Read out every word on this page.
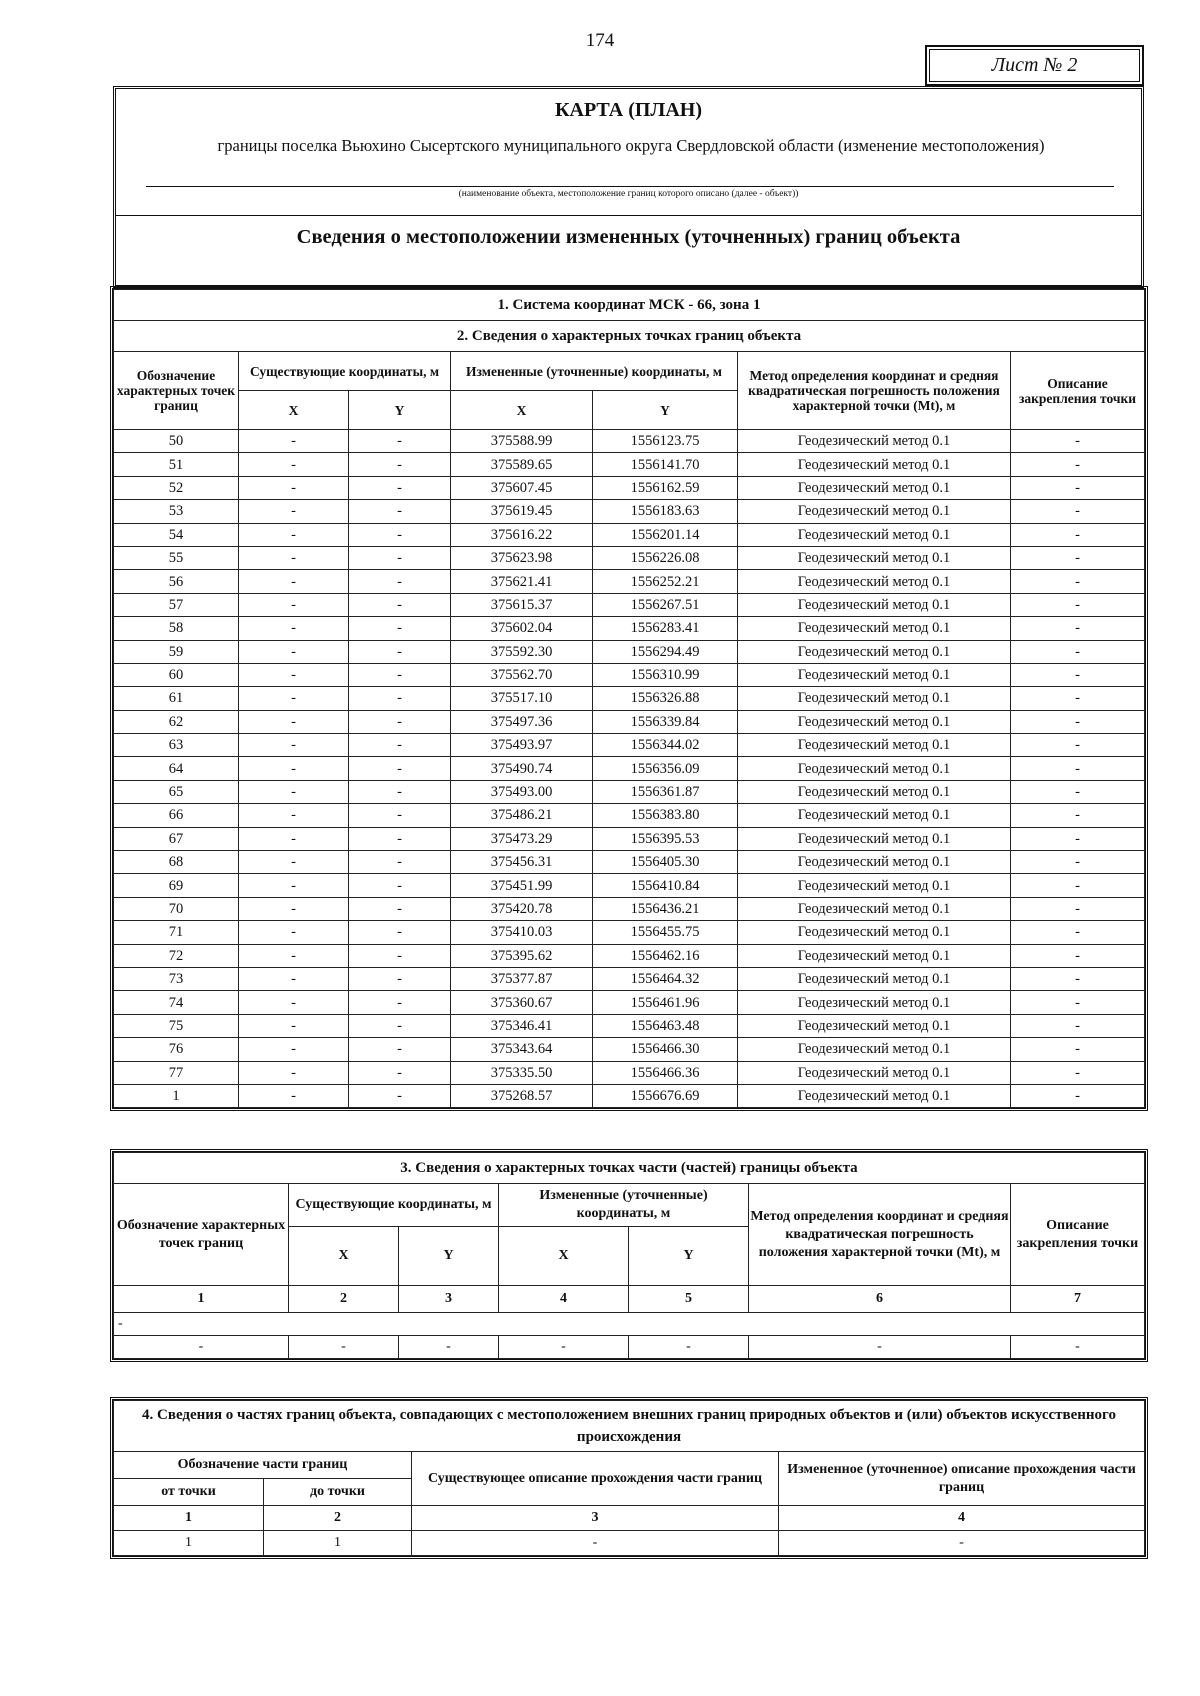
174
Лист № 2
КАРТА (ПЛАН)
границы поселка Вьюхино Сысертского муниципального округа Свердловской области (изменение местоположения)
(наименование объекта, местоположение границ которого описано (далее - объект))
Сведения о местоположении измененных (уточненных) границ объекта
1. Система координат МСК - 66, зона 1						
2. Сведения о характерных точках границ объекта						
Обозначение характерных точек границ	Существующие координаты, м		Измененные (уточненные) координаты, м		Метод определения координат и средняя квадратическая погрешность положения характерной точки (Mt), м	Описание закрепления точки
	X	Y	X	Y		
50	-	-	375588.99	1556123.75	Геодезический метод 0.1	-
51	-	-	375589.65	1556141.70	Геодезический метод 0.1	-
52	-	-	375607.45	1556162.59	Геодезический метод 0.1	-
53	-	-	375619.45	1556183.63	Геодезический метод 0.1	-
54	-	-	375616.22	1556201.14	Геодезический метод 0.1	-
55	-	-	375623.98	1556226.08	Геодезический метод 0.1	-
56	-	-	375621.41	1556252.21	Геодезический метод 0.1	-
57	-	-	375615.37	1556267.51	Геодезический метод 0.1	-
58	-	-	375602.04	1556283.41	Геодезический метод 0.1	-
59	-	-	375592.30	1556294.49	Геодезический метод 0.1	-
60	-	-	375562.70	1556310.99	Геодезический метод 0.1	-
61	-	-	375517.10	1556326.88	Геодезический метод 0.1	-
62	-	-	375497.36	1556339.84	Геодезический метод 0.1	-
63	-	-	375493.97	1556344.02	Геодезический метод 0.1	-
64	-	-	375490.74	1556356.09	Геодезический метод 0.1	-
65	-	-	375493.00	1556361.87	Геодезический метод 0.1	-
66	-	-	375486.21	1556383.80	Геодезический метод 0.1	-
67	-	-	375473.29	1556395.53	Геодезический метод 0.1	-
68	-	-	375456.31	1556405.30	Геодезический метод 0.1	-
69	-	-	375451.99	1556410.84	Геодезический метод 0.1	-
70	-	-	375420.78	1556436.21	Геодезический метод 0.1	-
71	-	-	375410.03	1556455.75	Геодезический метод 0.1	-
72	-	-	375395.62	1556462.16	Геодезический метод 0.1	-
73	-	-	375377.87	1556464.32	Геодезический метод 0.1	-
74	-	-	375360.67	1556461.96	Геодезический метод 0.1	-
75	-	-	375346.41	1556463.48	Геодезический метод 0.1	-
76	-	-	375343.64	1556466.30	Геодезический метод 0.1	-
77	-	-	375335.50	1556466.36	Геодезический метод 0.1	-
1	-	-	375268.57	1556676.69	Геодезический метод 0.1	-
3. Сведения о характерных точках части (частей) границы объекта						
Обозначение характерных точек границ	Существующие координаты, м		Измененные (уточненные) координаты, м		Метод определения координат и средняя квадратическая погрешность положения характерной точки (Mt), м	Описание закрепления точки
	X	Y	X	Y		
1	2	3	4	5	6	7
-						
-	-	-	-	-	-	-
4. Сведения о частях границ объекта, совпадающих с местоположением внешних границ природных объектов и (или) объектов искусственного происхождения			
Обозначение части границ		Существующее описание прохождения части границ	Измененное (уточненное) описание прохождения части границ
от точки	до точки		
1	2	3	4
1	1	-	-
